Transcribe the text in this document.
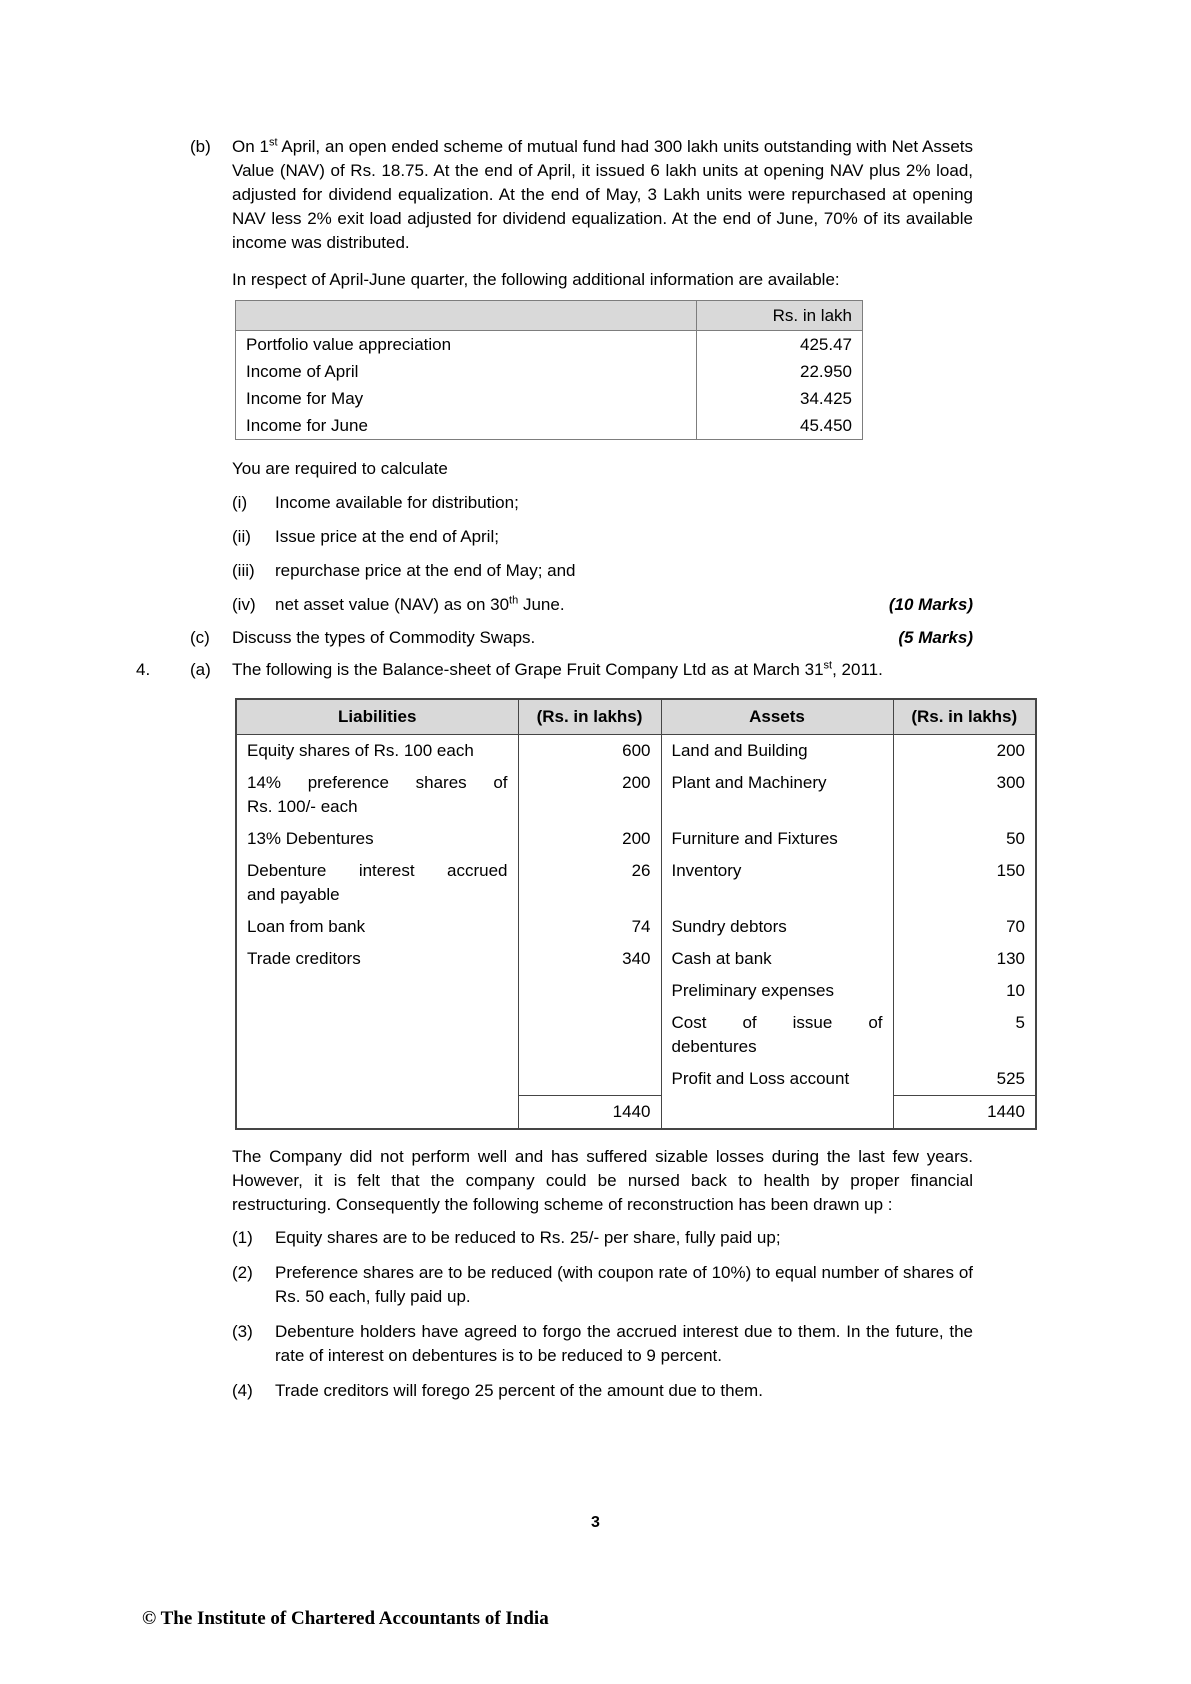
(b)	On 1st April, an open ended scheme of mutual fund had 300 lakh units outstanding with Net Assets Value (NAV) of Rs. 18.75. At the end of April, it issued 6 lakh units at opening NAV plus 2% load, adjusted for dividend equalization. At the end of May, 3 Lakh units were repurchased at opening NAV less 2% exit load adjusted for dividend equalization. At the end of June, 70% of its available income was distributed.
In respect of April-June quarter, the following additional information are available:
	Rs. in lakh
Portfolio value appreciation	425.47
Income of April	22.950
Income for May	34.425
Income for June	45.450
You are required to calculate
(i)	Income available for distribution;
(ii)	Issue price at the end of April;
(iii)	repurchase price at the end of May; and
(iv)	net asset value (NAV) as on 30th June.	(10 Marks)
(c)	Discuss the types of Commodity Swaps.	(5 Marks)
4.	(a)	The following is the Balance-sheet of Grape Fruit Company Ltd as at March 31st, 2011.
Liabilities	(Rs. in lakhs)	Assets	(Rs. in lakhs)

Equity shares of Rs. 100 each	600	Land and Building	200

14% preference shares of
Rs. 100/- each	200	Plant and Machinery	300

13% Debentures	200	Furniture and Fixtures	50

Debenture interest accrued
and payable	26	Inventory	150

Loan from bank	74	Sundry debtors	70

Trade creditors	340	Cash at bank	130

		Preliminary expenses	10

		Cost of issue of
debentures	5

		Profit and Loss account	525
	1440		1440
The Company did not perform well and has suffered sizable losses during the last few years. However, it is felt that the company could be nursed back to health by proper financial restructuring. Consequently the following scheme of reconstruction has been drawn up :
(1)	Equity shares are to be reduced to Rs. 25/- per share, fully paid up;
(2)	Preference shares are to be reduced (with coupon rate of 10%) to equal number of shares of Rs. 50 each, fully paid up.
(3)	Debenture holders have agreed to forgo the accrued interest due to them. In the future, the rate of interest on debentures is to be reduced to 9 percent.
(4)	Trade creditors will forego 25 percent of the amount due to them.
3
© The Institute of Chartered Accountants of India
